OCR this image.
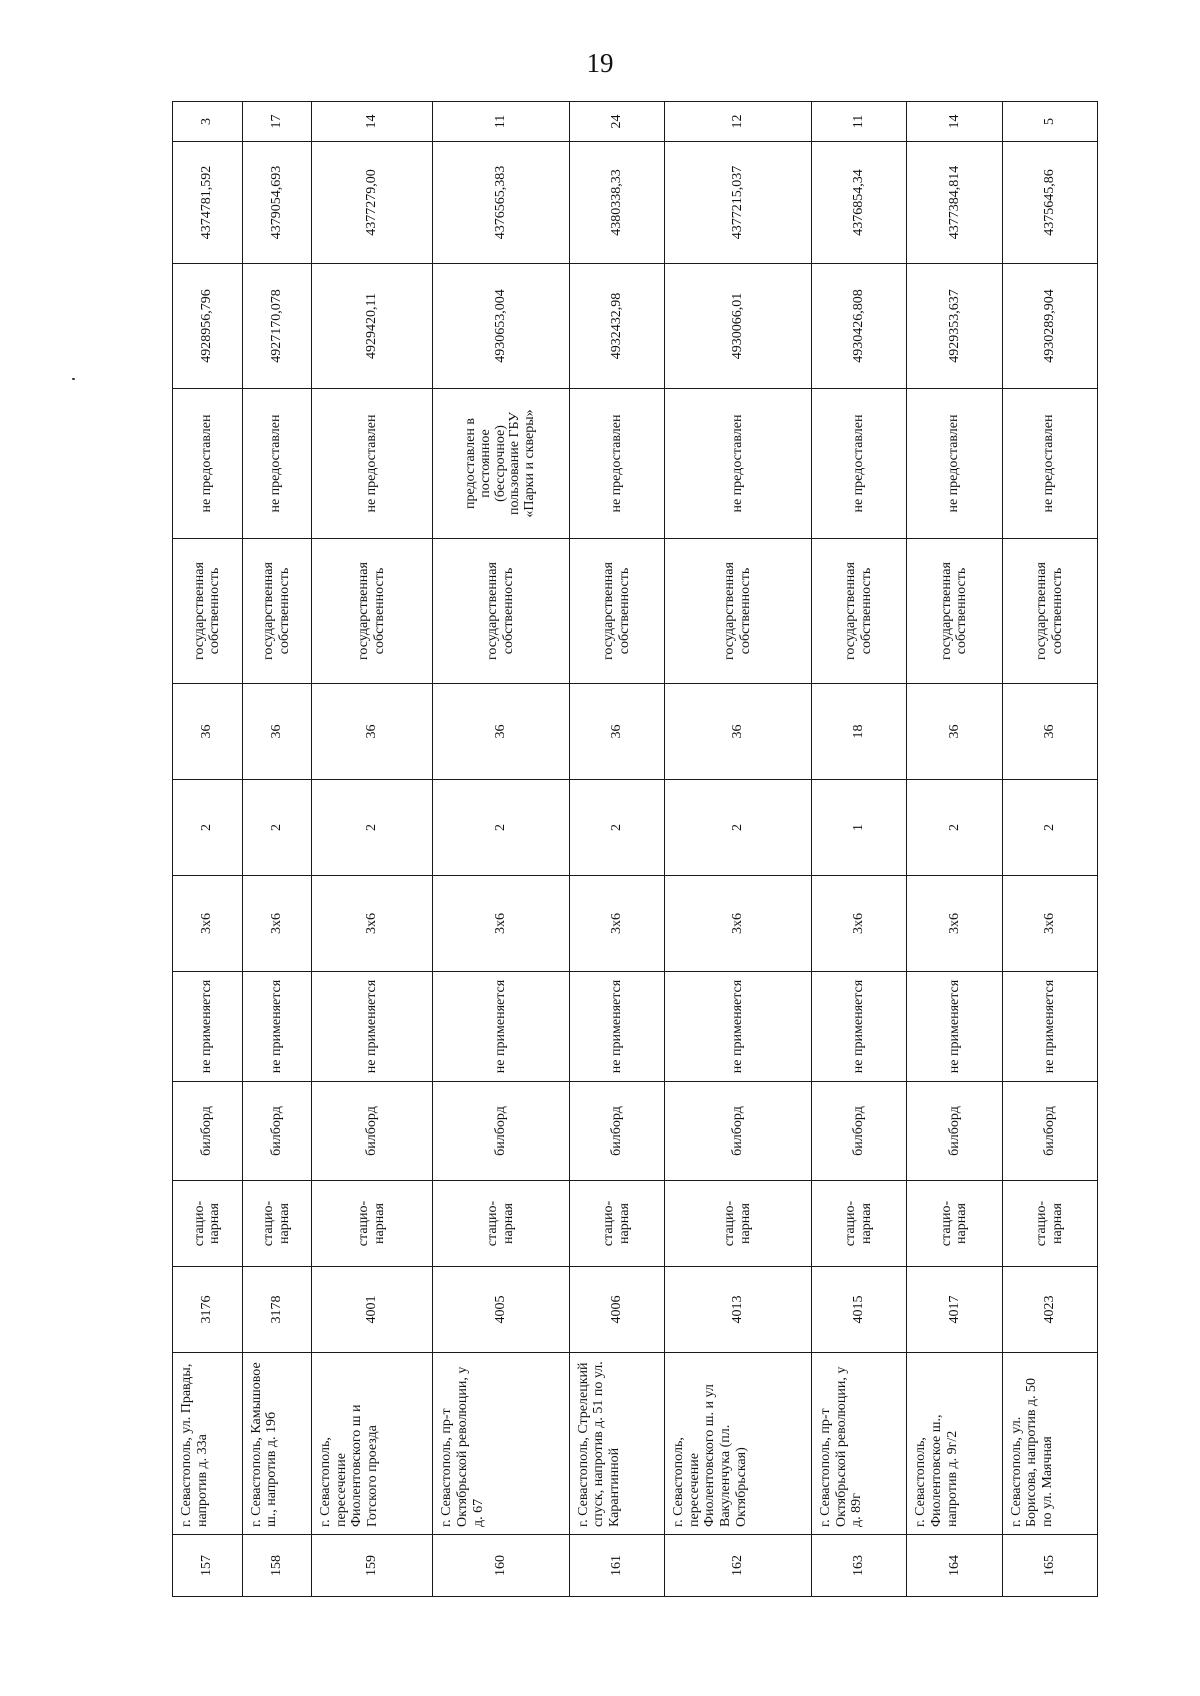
19
157	г. Севастополь, ул. Правды, напротив д. 33а	3176	стацио-нарная	билборд	не применяется	3х6	2	36	государственная собственность	не предоставлен	4928956,796	4374781,592	3
158	г. Севастополь, Камышовое ш., напротив д. 19б	3178	стацио-нарная	билборд	не применяется	3х6	2	36	государственная собственность	не предоставлен	4927170,078	4379054,693	17
159	г. Севастополь, пересечение Фиолентовского ш и Готского проезда	4001	стацио-нарная	билборд	не применяется	3х6	2	36	государственная собственность	не предоставлен	4929420,11	4377279,00	14
160	г. Севастополь, пр-т Октябрьской революции, у д. 67	4005	стацио-нарная	билборд	не применяется	3х6	2	36	государственная собственность	предоставлен в постоянное (бессрочное) пользование ГБУ «Парки и скверы»	4930653,004	4376565,383	11
161	г. Севастополь, Стрелецкий спуск, напротив д. 51 по ул. Карантинной	4006	стацио-нарная	билборд	не применяется	3х6	2	36	государственная собственность	не предоставлен	4932432,98	4380338,33	24
162	г. Севастополь, пересечение Фиолентовского ш. и ул Вакуленчука (пл. Октябрьская)	4013	стацио-нарная	билборд	не применяется	3х6	2	36	государственная собственность	не предоставлен	4930066,01	4377215,037	12
163	г. Севастополь, пр-т Октябрьской революции, у д. 89г	4015	стацио-нарная	билборд	не применяется	3х6	1	18	государственная собственность	не предоставлен	4930426,808	4376854,34	11
164	г. Севастополь, Фиолентовское ш., напротив д. 9г/2	4017	стацио-нарная	билборд	не применяется	3х6	2	36	государственная собственность	не предоставлен	4929353,637	4377384,814	14
165	г. Севастополь, ул. Борисова, напротив д. 50 по ул. Маячная	4023	стацио-нарная	билборд	не применяется	3х6	2	36	государственная собственность	не предоставлен	4930289,904	4375645,86	5
